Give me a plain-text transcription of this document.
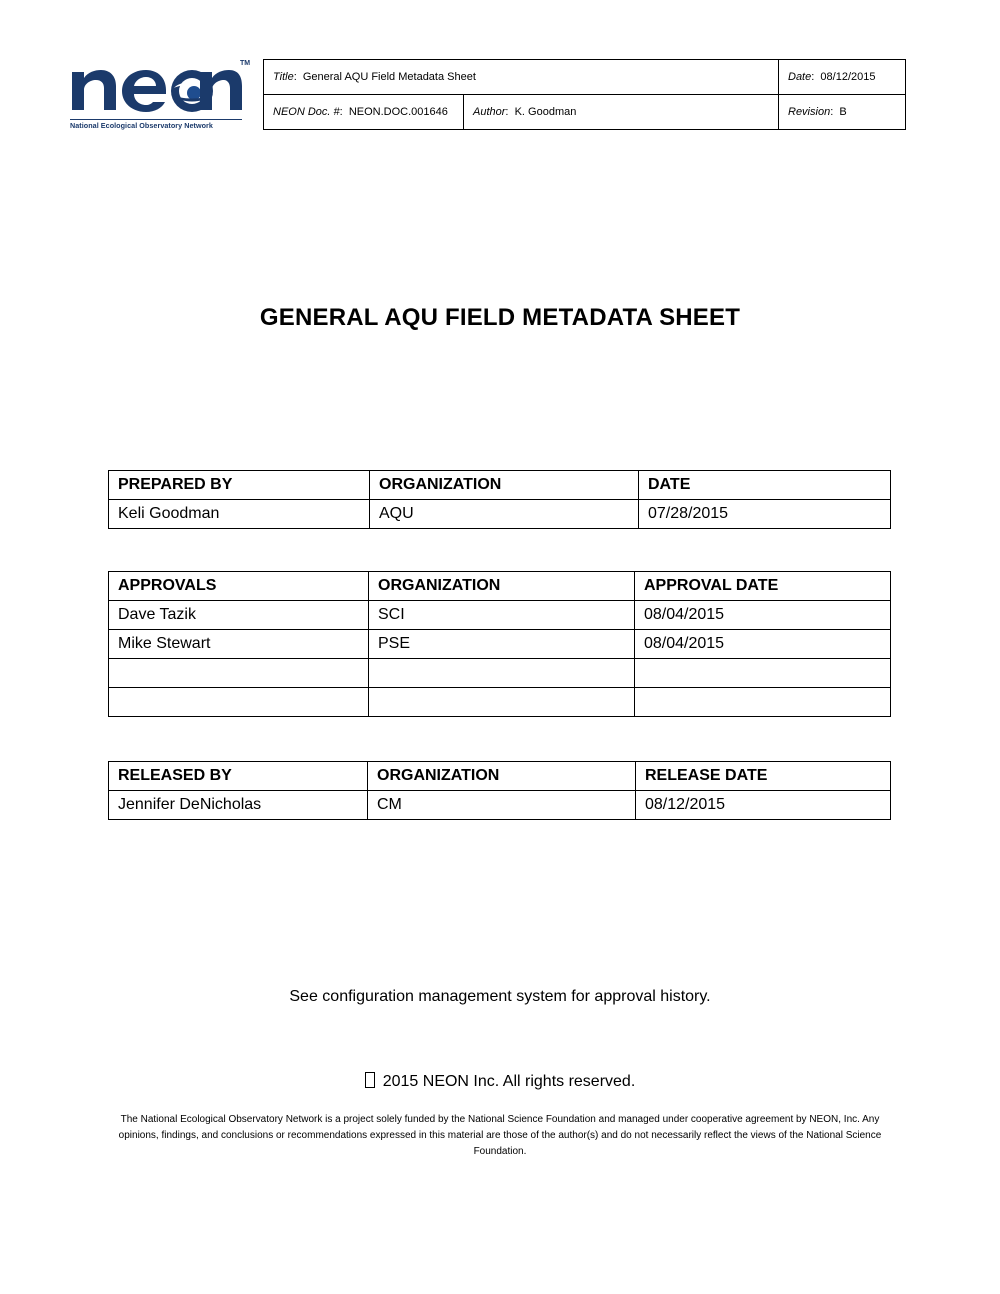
TM
National Ecological Observatory Network
Title:  General AQU Field Metadata Sheet		Date:  08/12/2015
NEON Doc. #:  NEON.DOC.001646	Author:  K. Goodman	Revision:  B
GENERAL AQU FIELD METADATA SHEET
PREPARED BY	ORGANIZATION	DATE
Keli Goodman	AQU	07/28/2015
APPROVALS	ORGANIZATION	APPROVAL DATE
Dave Tazik	SCI	08/04/2015
Mike Stewart	PSE	08/04/2015

RELEASED BY	ORGANIZATION	RELEASE DATE
Jennifer DeNicholas	CM	08/12/2015
See configuration management system for approval history.
2015 NEON Inc. All rights reserved.
The National Ecological Observatory Network is a project solely funded by the National Science Foundation and managed under cooperative agreement by NEON, Inc. Any opinions, findings, and conclusions or recommendations expressed in this material are those of the author(s) and do not necessarily reflect the views of the National Science Foundation.
